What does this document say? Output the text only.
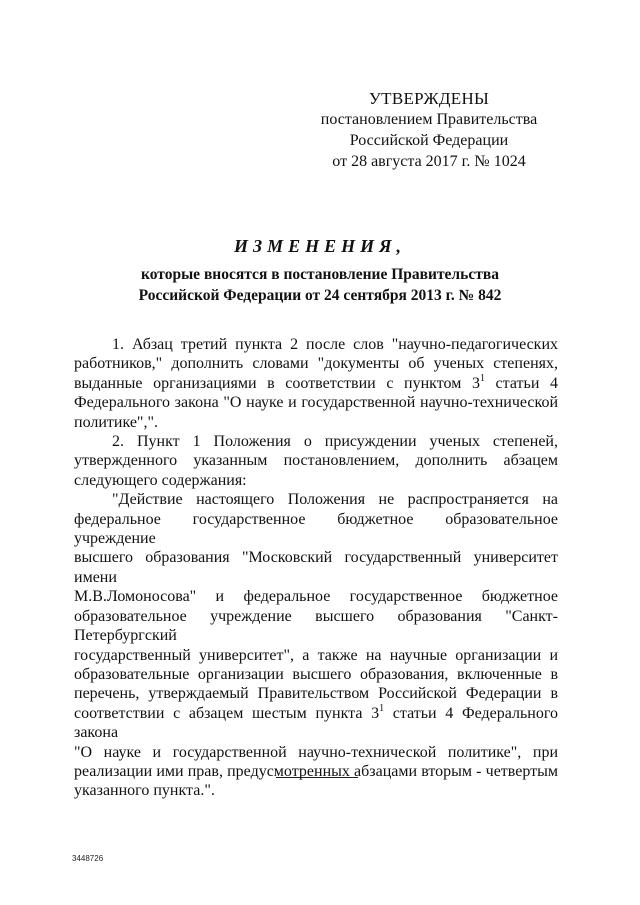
УТВЕРЖДЕНЫ
постановлением Правительства
Российской Федерации
от 28 августа 2017 г. № 1024
ИЗМЕНЕНИЯ,
которые вносятся в постановление Правительства
Российской Федерации от 24 сентября 2013 г. № 842
1. Абзац третий пункта 2 после слов "научно-педагогических
работников," дополнить словами "документы об ученых степенях,
выданные организациями в соответствии с пунктом $3^1$ статьи 4
Федерального закона "О науке и государственной научно-технической
политике",".
2. Пункт 1 Положения о присуждении ученых степеней,
утвержденного указанным постановлением, дополнить абзацем
следующего содержания:
"Действие настоящего Положения не распространяется на
федеральное государственное бюджетное образовательное учреждение
высшего образования "Московский государственный университет имени
М.В.Ломоносова" и федеральное государственное бюджетное
образовательное учреждение высшего образования "Санкт-Петербургский
государственный университет", а также на научные организации и
образовательные организации высшего образования, включенные в
перечень, утверждаемый Правительством Российской Федерации в
соответствии с абзацем шестым пункта $3^1$ статьи 4 Федерального закона
"О науке и государственной научно-технической политике", при
реализации ими прав, предусмотренных абзацами вторым - четвертым
указанного пункта.".
3448726
